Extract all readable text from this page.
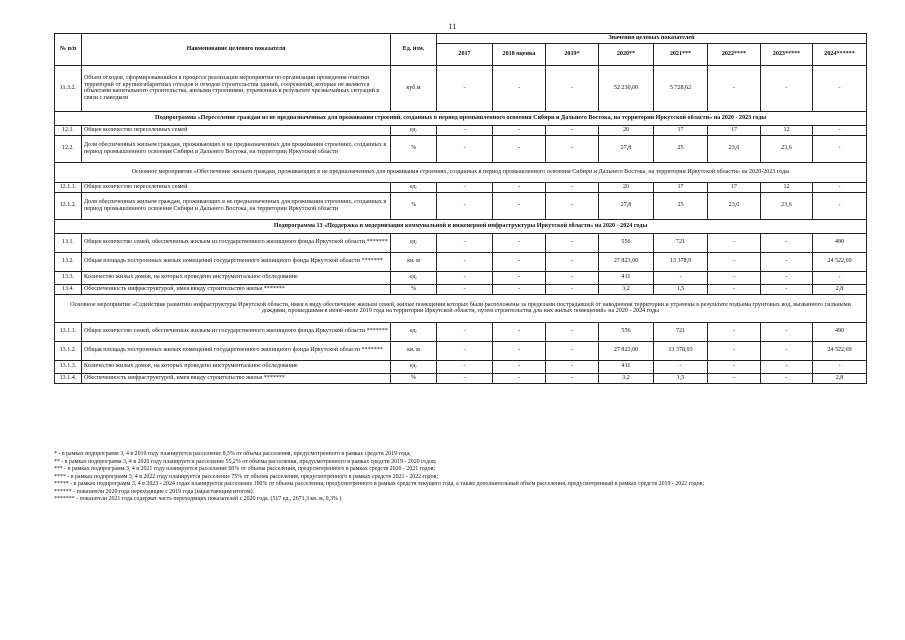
11
№ п/п	Наименование целевого показателя	Ед. изм.	Значения целевых показателей							
			2017	2018 оценка	2019*	2020**	2021***	2022****	2023*****	2024******
11.3.2.	Объем отходов, сформировавшийся в процессе реализации мероприятия по организации проведения очистки территорий от крупногабаритных отходов и отходов строительства зданий, сооружений, которые не являются объектами капитального строительства, жилыми строениями, утраченных в результате чрезвычайных ситуаций в связи с паводком	куб.м	-	-	-	52 230,00	5 728,62	-	-	-
Подпрограмма «Переселение граждан из не предназначенных для проживания строений, созданных в период промышленного освоения Сибири и Дальнего Востока, на территории Иркутской области» на 2020 - 2023 годы										
12.1.	Общее количество переселенных семей	ед.	-	-	-	20	17	17	12	-
12.2.	Доля обеспеченных жильем граждан, проживающих в не предназначенных для проживания строениях, созданных в период промышленного освоения Сибири и Дальнего Востока, на территории Иркутской области	%	-	-	-	27,8	25	23,6	23,6	-
Основное мероприятие «Обеспечение жильем граждан, проживающих в не предназначенных для проживания строениях, созданных в период промышленного освоения Сибири и Дальнего Востока, на территории Иркутской области» на 2020-2023 годы										
12.1.1.	Общее количество переселенных семей	ед.	-	-	-	20	17	17	12	-
12.1.2.	Доля обеспеченных жильем граждан, проживающих в не предназначенных для проживания строениях, созданных в период промышленного освоения Сибири и Дальнего Востока, на территории Иркутской области	%	-	-	-	27,8	25	23,6	23,6	-
Подпрограмма 13 «Поддержка и модернизация коммунальной и инженерной инфраструктуры Иркутской области» на 2020 - 2024 годы										
13.1.	Общее количество семей, обеспеченных жильем из государственного жилищного фонда Иркутской области *******	ед.	-	-	-	556	721	-	-	490
13.2.	Общая площадь построенных жилых помещений государственного жилищного фонда Иркутской области *******	кв. м	-	-	-	27 823,00	13 378,9	-	-	24 522,69
13.3.	Количество жилых домов, на которых проведено инструментальное обследование	ед.	-	-	-	411	-	-	-	-
13.4.	Обеспеченность инфраструктурой, имея ввиду строительство жилья *******	%	-	-	-	3,2	1,5	-	-	2,8
Основное мероприятие «Содействие развитию инфраструктуры Иркутской области, имея в виду обеспечение жильем семей, жилые помещения которых были расположены за пределами пострадавшей от наводнения территории и утрачены в результате подъема грунтовых вод, вызванного сильными дождями, прошедшими в июне-июле 2019 года на территории Иркутской области, путем строительства для них жилых помещений» на 2020 - 2024 годы										
13.1.1.	Общее количество семей, обеспеченных жильем из государственного жилищного фонда Иркутской области *******	ед.	-	-	-	556	721	-	-	490
13.1.2.	Общая площадь построенных жилых помещений государственного жилищного фонда Иркутской области *******	кв. м	-	-	-	27 823,00	13 378,93	-	-	24 522,69
13.1.3.	Количество жилых домов, на которых проведено инструментальное обследование	ед.	-	-	-	411	-	-	-	-
13.1.4.	Обеспеченность инфраструктурой, имея ввиду строительство жилья *******	%	-	-	-	3,2	1,5	-	-	2,8
* - в рамках подпрограмм 3, 4 в 2019 году планируется расселение 8,5% от объема расселения, предусмотренного в рамках средств 2019 года;
** - в рамках подпрограмм 3, 4 в 2020 году планируется расселение 55,2% от объема расселения, предусмотренного в рамках средств 2019 - 2020 годов;
*** - в рамках подпрограмм 3, 4 в 2021 году планируется расселение 60% от объема расселения, предусмотренного в рамках средств 2020 - 2021 годов;
**** - в рамках подпрограмм 3, 4 в 2022 году планируется расселение 75% от объема расселения, предусмотренного в рамках средств 2021 - 2022 годов;
***** - в рамках подпрограмм 3, 4 в 2023 - 2024 годах планируется расселение 100% от объема расселения, предусмотренного в рамках средств текущего года, а также дополнительный объем расселения, предусмотренный в рамках средств 2019 - 2022 годов;
****** - показатели 2020 года переходящие с 2019 года (нарастающим итогом).
******* - показатели 2021 года содержат часть переходящих показателей с 2020 года. (517 ед., 2671,3 кв. м, 0,3% )
